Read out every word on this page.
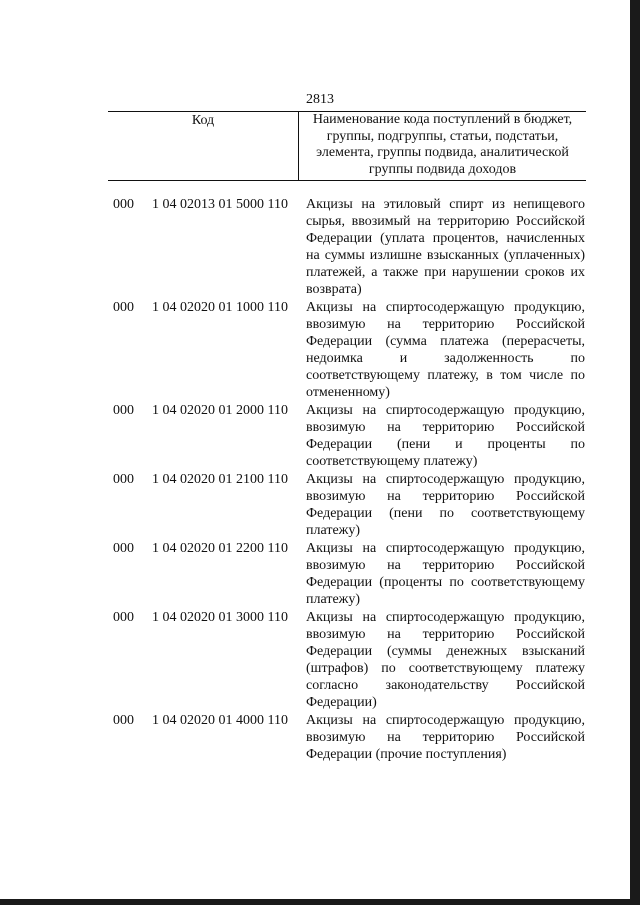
2813
Код	Наименование кода поступлений в бюджет, группы, подгруппы, статьи, подстатьи, элемента, группы подвида, аналитической группы подвида доходов
000	1 04 02013 01 5000 110	Акцизы на этиловый спирт из непищевого сырья, ввозимый на территорию Российской Федерации (уплата процентов, начисленных на суммы излишне взысканных (уплаченных) платежей, а также при нарушении сроков их возврата)
000	1 04 02020 01 1000 110	Акцизы на спиртосодержащую продукцию, ввозимую на территорию Российской Федерации (сумма платежа (перерасчеты, недоимка и задолженность по соответствующему платежу, в том числе по отмененному)
000	1 04 02020 01 2000 110	Акцизы на спиртосодержащую продукцию, ввозимую на территорию Российской Федерации (пени и проценты по соответствующему платежу)
000	1 04 02020 01 2100 110	Акцизы на спиртосодержащую продукцию, ввозимую на территорию Российской Федерации (пени по соответствующему платежу)
000	1 04 02020 01 2200 110	Акцизы на спиртосодержащую продукцию, ввозимую на территорию Российской Федерации (проценты по соответствующему платежу)
000	1 04 02020 01 3000 110	Акцизы на спиртосодержащую продукцию, ввозимую на территорию Российской Федерации (суммы денежных взысканий (штрафов) по соответствующему платежу согласно законодательству Российской Федерации)
000	1 04 02020 01 4000 110	Акцизы на спиртосодержащую продукцию, ввозимую на территорию Российской Федерации (прочие поступления)
